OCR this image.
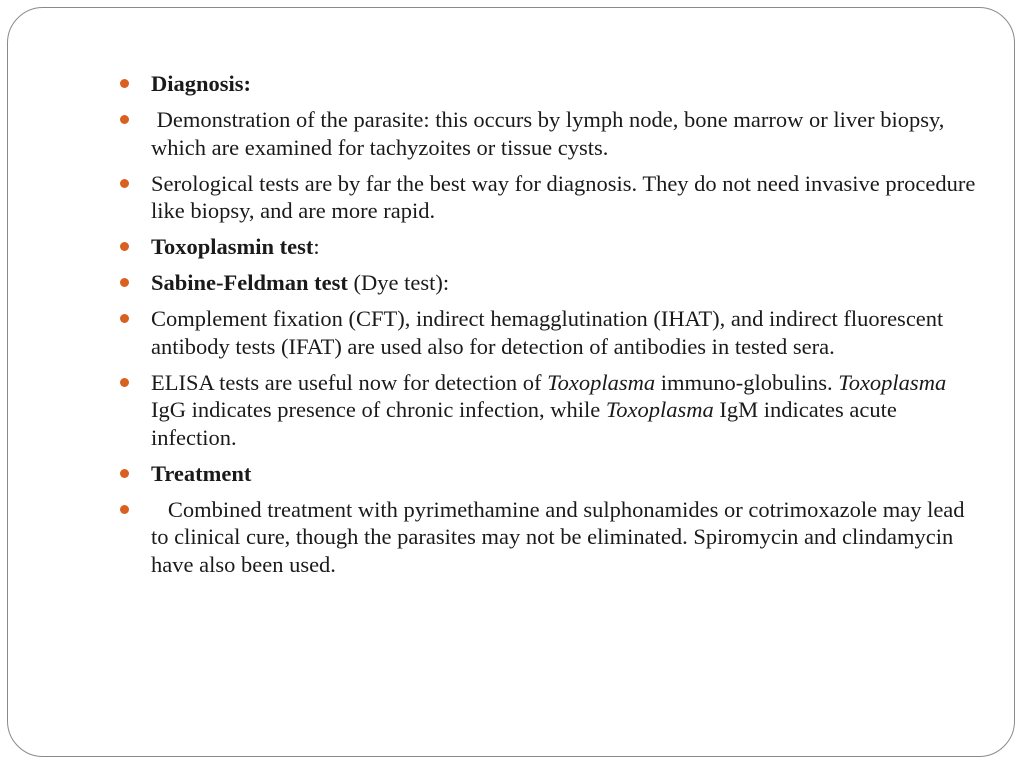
Diagnosis:
Demonstration of the parasite: this occurs by lymph node, bone marrow or liver biopsy, which are examined for tachyzoites or tissue cysts.
Serological tests are by far the best way for diagnosis. They do not need invasive procedure like biopsy, and are more rapid.
Toxoplasmin test:
Sabine-Feldman test (Dye test):
Complement fixation (CFT), indirect hemagglutination (IHAT), and indirect fluorescent antibody tests (IFAT) are used also for detection of antibodies in tested sera.
ELISA tests are useful now for detection of Toxoplasma immuno-globulins. Toxoplasma IgG indicates presence of chronic infection, while Toxoplasma IgM indicates acute infection.
Treatment
Combined treatment with pyrimethamine and sulphonamides or cotrimoxazole may lead to clinical cure, though the parasites may not be eliminated. Spiromycin and clindamycin have also been used.
